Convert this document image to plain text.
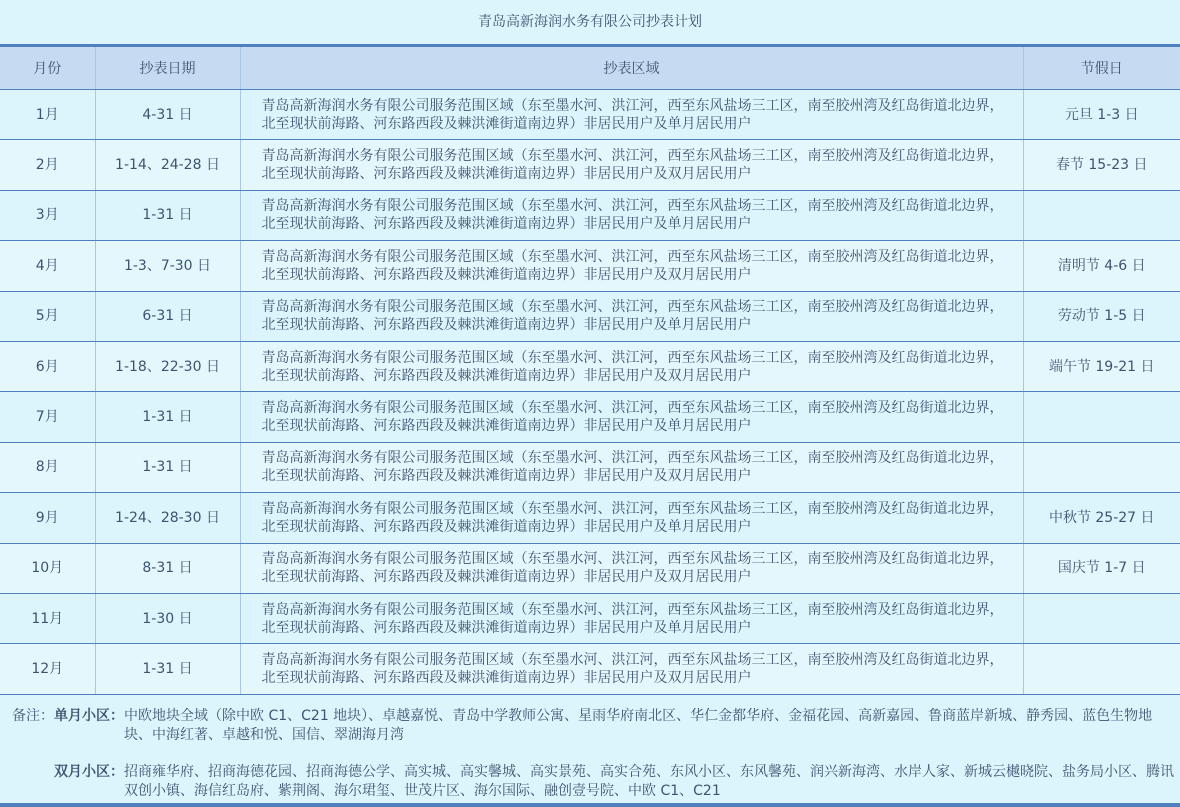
青岛高新海润水务有限公司抄表计划
月份	抄表日期	抄表区域	节假日
1月	4-31 日	青岛高新海润水务有限公司服务范围区域（东至墨水河、洪江河，西至东风盐场三工区，南至胶州湾及红岛街道北边界，北至现状前海路、河东路西段及棘洪滩街道南边界）非居民用户及单月居民用户	元旦 1-3 日
2月	1-14、24-28 日	青岛高新海润水务有限公司服务范围区域（东至墨水河、洪江河，西至东风盐场三工区，南至胶州湾及红岛街道北边界，北至现状前海路、河东路西段及棘洪滩街道南边界）非居民用户及双月居民用户	春节 15-23 日
3月	1-31 日	青岛高新海润水务有限公司服务范围区域（东至墨水河、洪江河，西至东风盐场三工区，南至胶州湾及红岛街道北边界，北至现状前海路、河东路西段及棘洪滩街道南边界）非居民用户及单月居民用户	
4月	1-3、7-30 日	青岛高新海润水务有限公司服务范围区域（东至墨水河、洪江河，西至东风盐场三工区，南至胶州湾及红岛街道北边界，北至现状前海路、河东路西段及棘洪滩街道南边界）非居民用户及双月居民用户	清明节 4-6 日
5月	6-31 日	青岛高新海润水务有限公司服务范围区域（东至墨水河、洪江河，西至东风盐场三工区，南至胶州湾及红岛街道北边界，北至现状前海路、河东路西段及棘洪滩街道南边界）非居民用户及单月居民用户	劳动节 1-5 日
6月	1-18、22-30 日	青岛高新海润水务有限公司服务范围区域（东至墨水河、洪江河，西至东风盐场三工区，南至胶州湾及红岛街道北边界，北至现状前海路、河东路西段及棘洪滩街道南边界）非居民用户及双月居民用户	端午节 19-21 日
7月	1-31 日	青岛高新海润水务有限公司服务范围区域（东至墨水河、洪江河，西至东风盐场三工区，南至胶州湾及红岛街道北边界，北至现状前海路、河东路西段及棘洪滩街道南边界）非居民用户及单月居民用户	
8月	1-31 日	青岛高新海润水务有限公司服务范围区域（东至墨水河、洪江河，西至东风盐场三工区，南至胶州湾及红岛街道北边界，北至现状前海路、河东路西段及棘洪滩街道南边界）非居民用户及双月居民用户	
9月	1-24、28-30 日	青岛高新海润水务有限公司服务范围区域（东至墨水河、洪江河，西至东风盐场三工区，南至胶州湾及红岛街道北边界，北至现状前海路、河东路西段及棘洪滩街道南边界）非居民用户及单月居民用户	中秋节 25-27 日
10月	8-31 日	青岛高新海润水务有限公司服务范围区域（东至墨水河、洪江河，西至东风盐场三工区，南至胶州湾及红岛街道北边界，北至现状前海路、河东路西段及棘洪滩街道南边界）非居民用户及双月居民用户	国庆节 1-7 日
11月	1-30 日	青岛高新海润水务有限公司服务范围区域（东至墨水河、洪江河，西至东风盐场三工区，南至胶州湾及红岛街道北边界，北至现状前海路、河东路西段及棘洪滩街道南边界）非居民用户及单月居民用户	
12月	1-31 日	青岛高新海润水务有限公司服务范围区域（东至墨水河、洪江河，西至东风盐场三工区，南至胶州湾及红岛街道北边界，北至现状前海路、河东路西段及棘洪滩街道南边界）非居民用户及双月居民用户	
备注：单月小区： 中欧地块全域（除中欧 C1、C21 地块）、卓越嘉悦、青岛中学教师公寓、星雨华府南北区、华仁金都华府、金福花园、高新嘉园、鲁商蓝岸新城、静秀园、蓝色生物地块、中海红著、卓越和悦、国信、翠湖海月湾
双月小区： 招商雍华府、招商海德花园、招商海德公学、高实城、高实馨城、高实景苑、高实合苑、东风小区、东风馨苑、润兴新海湾、水岸人家、新城云樾晓院、盐务局小区、腾讯双创小镇、海信红岛府、紫荆阁、海尔珺玺、世茂片区、海尔国际、融创壹号院、中欧 C1、C21
